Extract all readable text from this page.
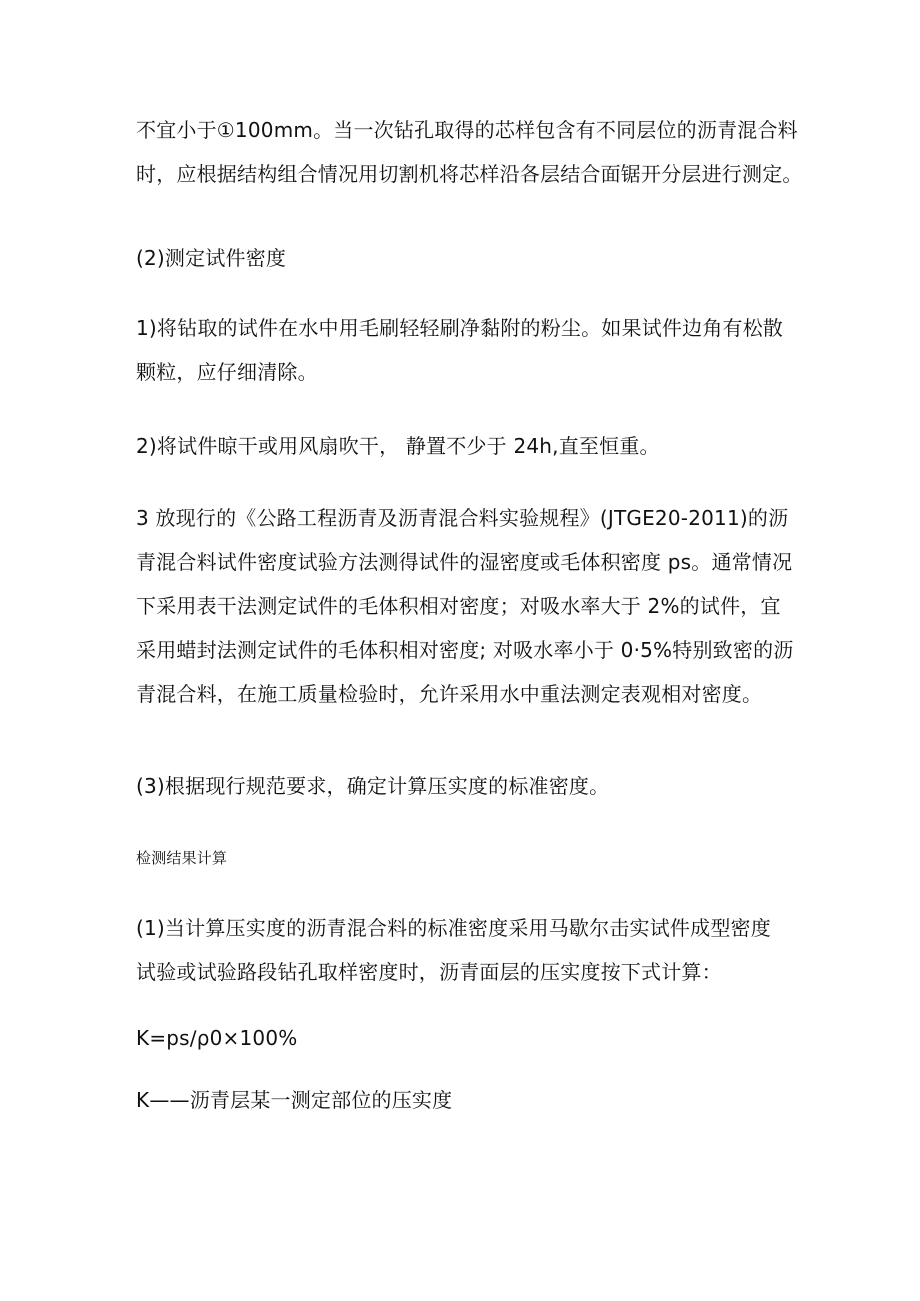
不宜小于①100mm。当一次钻孔取得的芯样包含有不同层位的沥青混合料
时，应根据结构组合情况用切割机将芯样沿各层结合面锯开分层进行测定。

(2)测定试件密度

1)将钻取的试件在水中用毛刷轻轻刷净黏附的粉尘。如果试件边角有松散
颗粒，应仔细清除。

2)将试件晾干或用风扇吹干， 静置不少于 24h,直至恒重。

3 放现行的《公路工程沥青及沥青混合料实验规程》(JTGE20-2011)的沥
青混合料试件密度试验方法测得试件的湿密度或毛体积密度 ps。通常情况
下采用表干法测定试件的毛体积相对密度；对吸水率大于 2%的试件，宜
采用蜡封法测定试件的毛体积相对密度; 对吸水率小于 0·5%特别致密的沥
青混合料，在施工质量检验时，允许采用水中重法测定表观相对密度。

(3)根据现行规范要求，确定计算压实度的标准密度。

检测结果计算

(1)当计算压实度的沥青混合料的标准密度采用马歇尔击实试件成型密度
试验或试验路段钻孔取样密度时，沥青面层的压实度按下式计算：

K=ps∕ρ0×100%

K——沥青层某一测定部位的压实度
